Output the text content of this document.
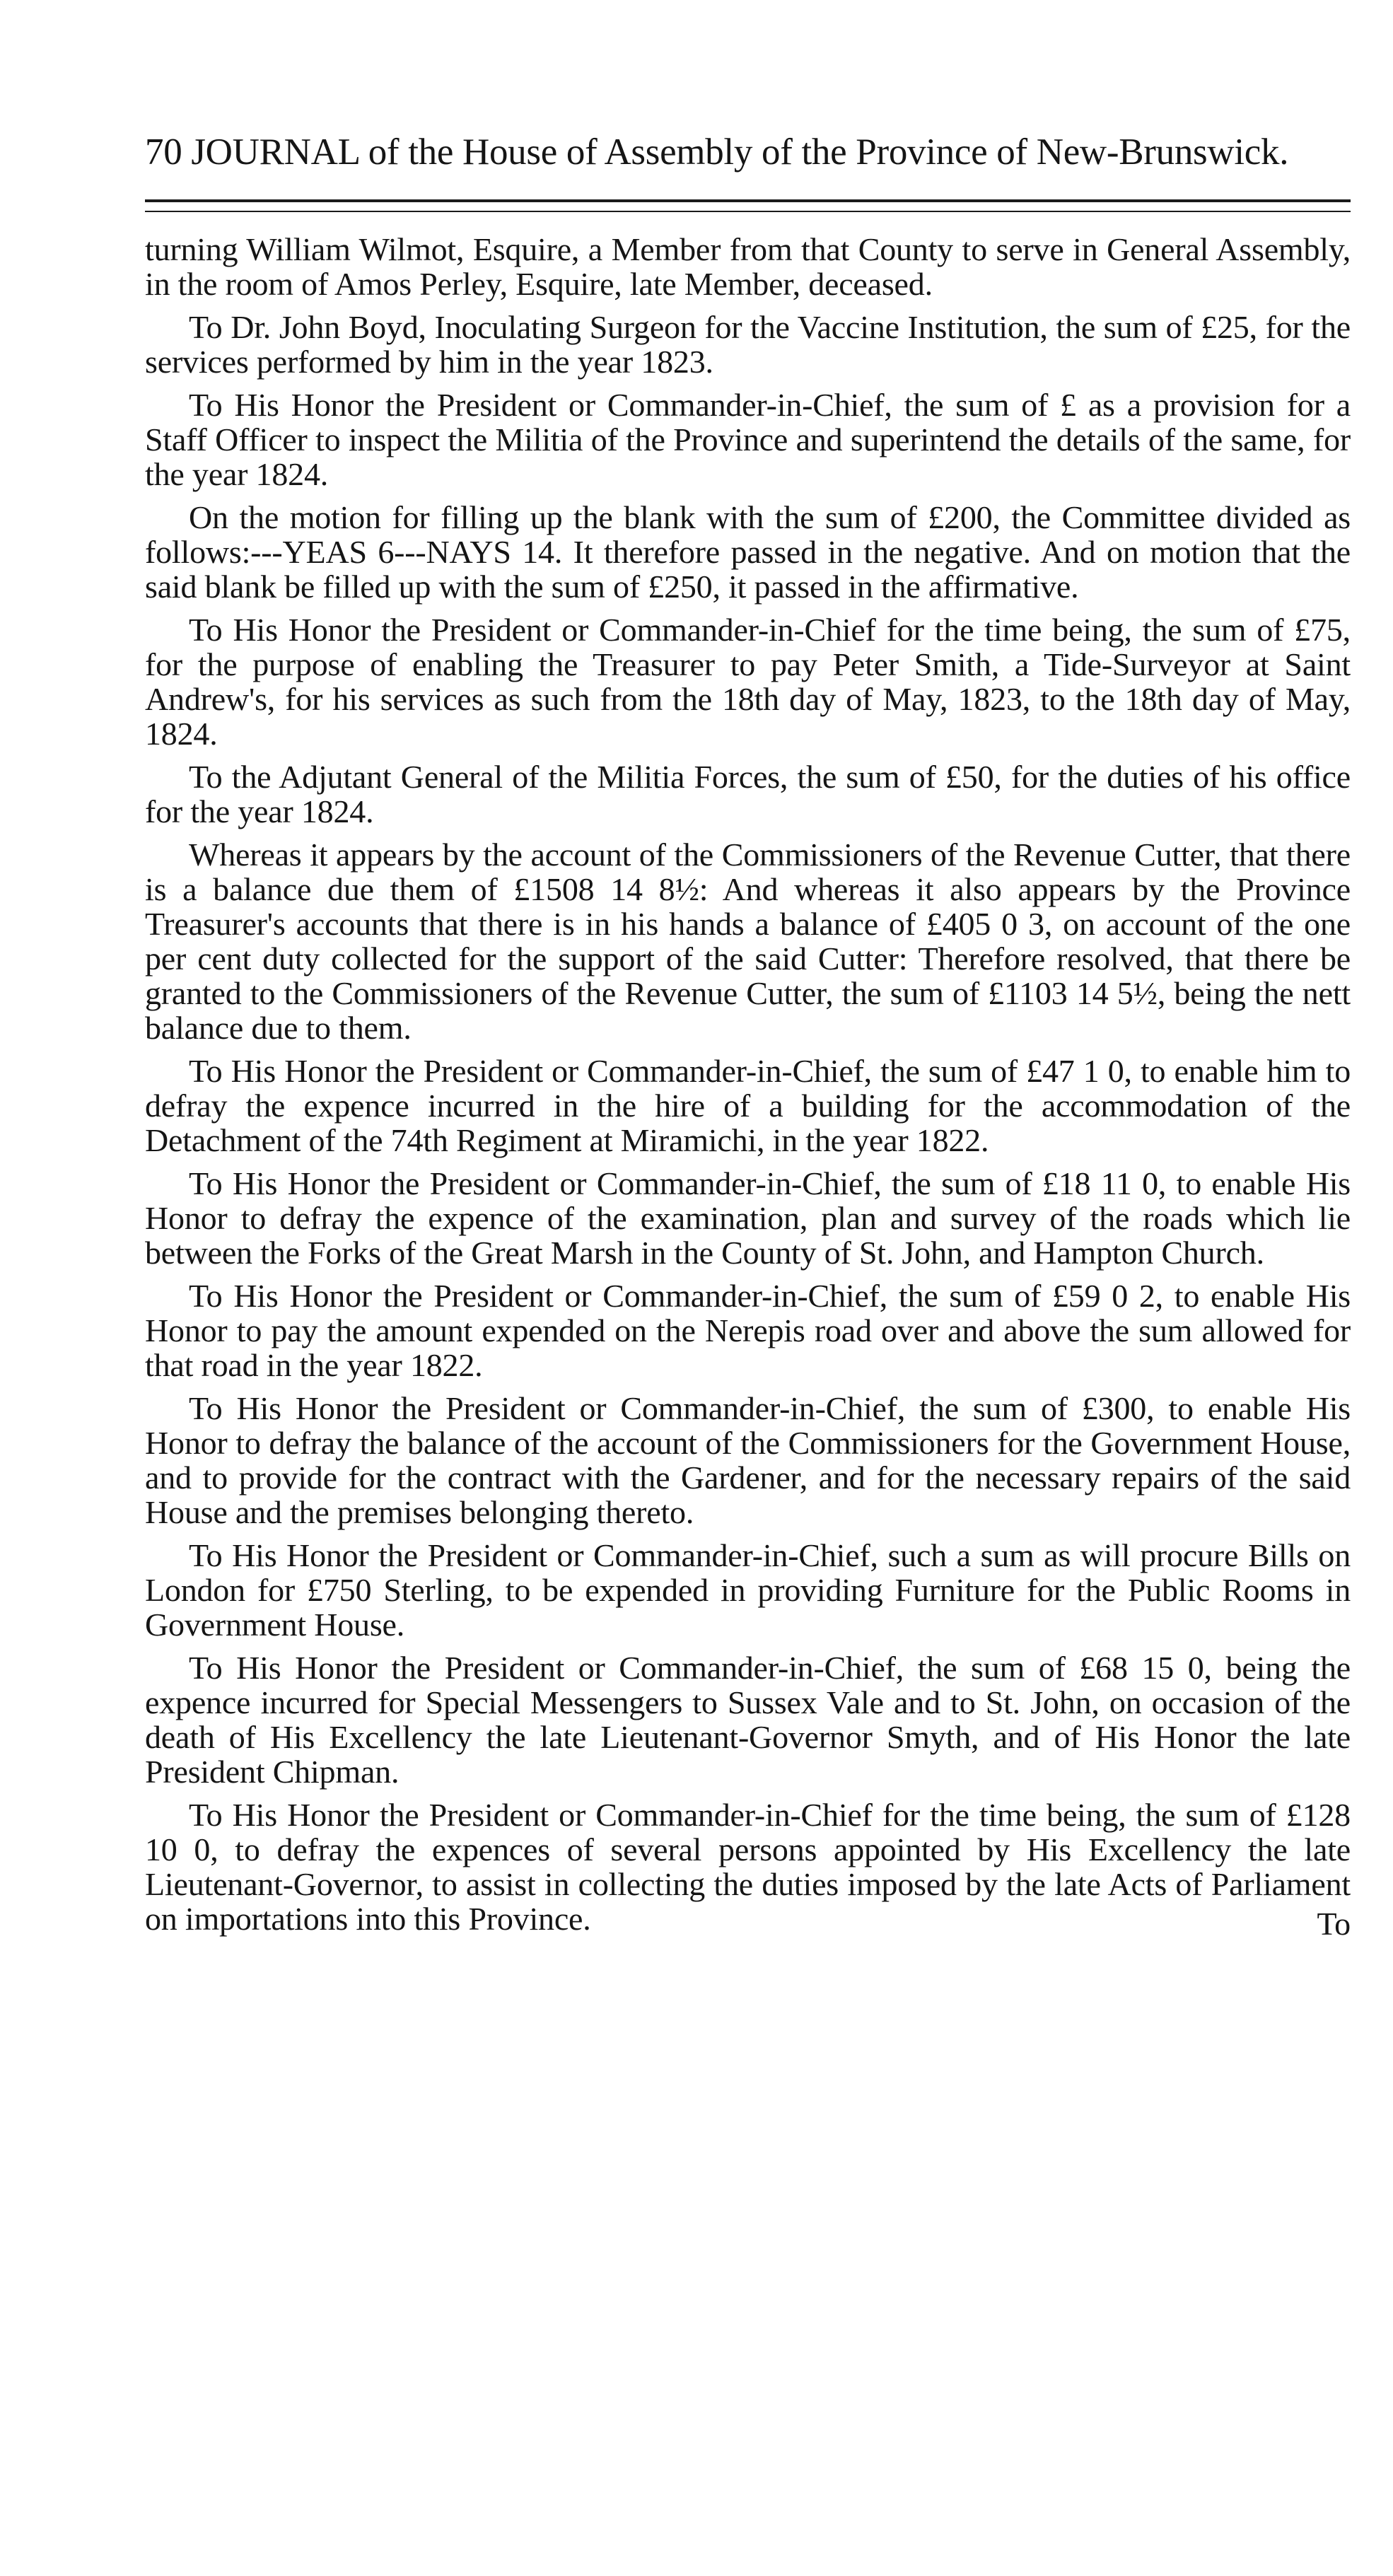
70 JOURNAL of the House of Assembly of the Province of New-Brunswick.

turning William Wilmot, Esquire, a Member from that County to serve in General Assembly, in the room of Amos Perley, Esquire, late Member, deceased.

To Dr. John Boyd, Inoculating Surgeon for the Vaccine Institution, the sum of £25, for the services performed by him in the year 1823.

To His Honor the President or Commander-in-Chief, the sum of £ as a provision for a Staff Officer to inspect the Militia of the Province and superintend the details of the same, for the year 1824.

On the motion for filling up the blank with the sum of £200, the Committee divided as follows:---YEAS 6---NAYS 14. It therefore passed in the negative. And on motion that the said blank be filled up with the sum of £250, it passed in the affirmative.

To His Honor the President or Commander-in-Chief for the time being, the sum of £75, for the purpose of enabling the Treasurer to pay Peter Smith, a Tide-Surveyor at Saint Andrew's, for his services as such from the 18th day of May, 1823, to the 18th day of May, 1824.

To the Adjutant General of the Militia Forces, the sum of £50, for the duties of his office for the year 1824.

Whereas it appears by the account of the Commissioners of the Revenue Cutter, that there is a balance due them of £1508 14 8½: And whereas it also appears by the Province Treasurer's accounts that there is in his hands a balance of £405 0 3, on account of the one per cent duty collected for the support of the said Cutter: Therefore resolved, that there be granted to the Commissioners of the Revenue Cutter, the sum of £1103 14 5½, being the nett balance due to them.

To His Honor the President or Commander-in-Chief, the sum of £47 1 0, to enable him to defray the expence incurred in the hire of a building for the accommodation of the Detachment of the 74th Regiment at Miramichi, in the year 1822.

To His Honor the President or Commander-in-Chief, the sum of £18 11 0, to enable His Honor to defray the expence of the examination, plan and survey of the roads which lie between the Forks of the Great Marsh in the County of St. John, and Hampton Church.

To His Honor the President or Commander-in-Chief, the sum of £59 0 2, to enable His Honor to pay the amount expended on the Nerepis road over and above the sum allowed for that road in the year 1822.

To His Honor the President or Commander-in-Chief, the sum of £300, to enable His Honor to defray the balance of the account of the Commissioners for the Government House, and to provide for the contract with the Gardener, and for the necessary repairs of the said House and the premises belonging thereto.

To His Honor the President or Commander-in-Chief, such a sum as will procure Bills on London for £750 Sterling, to be expended in providing Furniture for the Public Rooms in Government House.

To His Honor the President or Commander-in-Chief, the sum of £68 15 0, being the expence incurred for Special Messengers to Sussex Vale and to St. John, on occasion of the death of His Excellency the late Lieutenant-Governor Smyth, and of His Honor the late President Chipman.

To His Honor the President or Commander-in-Chief for the time being, the sum of £128 10 0, to defray the expences of several persons appointed by His Excellency the late Lieutenant-Governor, to assist in collecting the duties imposed by the late Acts of Parliament on importations into this Province.	To
